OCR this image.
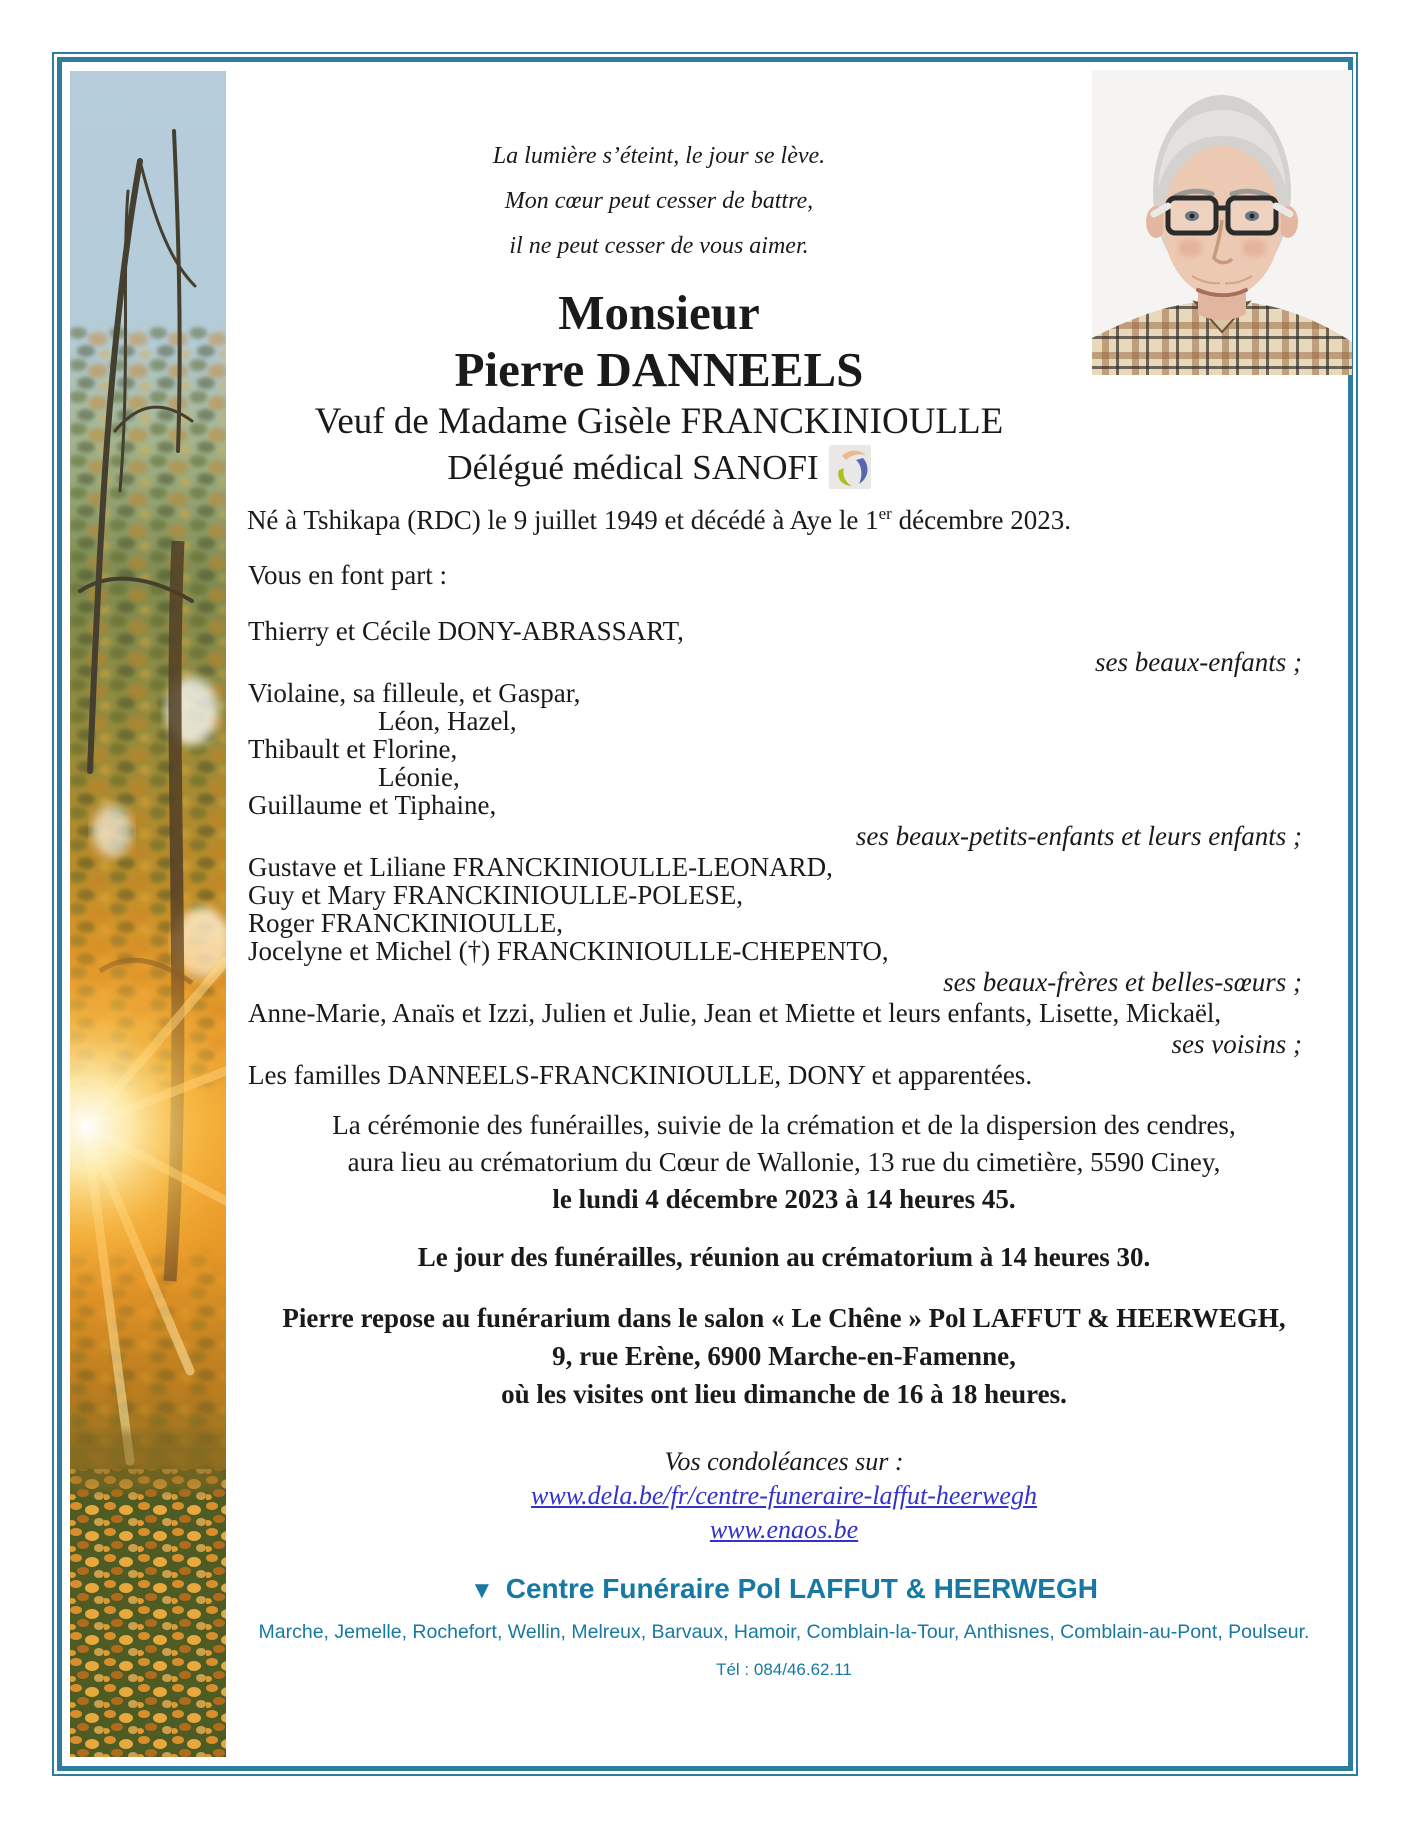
La lumière s’éteint, le jour se lève.
Mon cœur peut cesser de battre,
il ne peut cesser de vous aimer.
Monsieur
Pierre DANNEELS
Veuf de Madame Gisèle FRANCKINIOULLE
Délégué médical SANOFI
Né à Tshikapa (RDC) le 9 juillet 1949 et décédé à Aye le 1er décembre 2023.
Vous en font part :
Thierry et Cécile DONY-ABRASSART,
ses beaux-enfants ;
Violaine, sa filleule, et Gaspar,
Léon, Hazel,
Thibault et Florine,
Léonie,
Guillaume et Tiphaine,
ses beaux-petits-enfants et leurs enfants ;
Gustave et Liliane FRANCKINIOULLE-LEONARD,
Guy et Mary FRANCKINIOULLE-POLESE,
Roger FRANCKINIOULLE,
Jocelyne et Michel (†) FRANCKINIOULLE-CHEPENTO,
ses beaux-frères et belles-sœurs ;
Anne-Marie, Anaïs et Izzi, Julien et Julie, Jean et Miette et leurs enfants, Lisette, Mickaël,
ses voisins ;
Les familles DANNEELS-FRANCKINIOULLE, DONY et apparentées.
La cérémonie des funérailles, suivie de la crémation et de la dispersion des cendres,
aura lieu au crématorium du Cœur de Wallonie, 13 rue du cimetière, 5590 Ciney,
le lundi 4 décembre 2023 à 14 heures 45.
Le jour des funérailles, réunion au crématorium à 14 heures 30.
Pierre repose au funérarium dans le salon « Le Chêne » Pol LAFFUT & HEERWEGH,
9, rue Erène, 6900 Marche-en-Famenne,
où les visites ont lieu dimanche de 16 à 18 heures.
Vos condoléances sur :
www.dela.be/fr/centre-funeraire-laffut-heerwegh
www.enaos.be
▼ Centre Funéraire Pol LAFFUT & HEERWEGH
Marche, Jemelle, Rochefort, Wellin, Melreux, Barvaux, Hamoir, Comblain-la-Tour, Anthisnes, Comblain-au-Pont, Poulseur.
Tél : 084/46.62.11
